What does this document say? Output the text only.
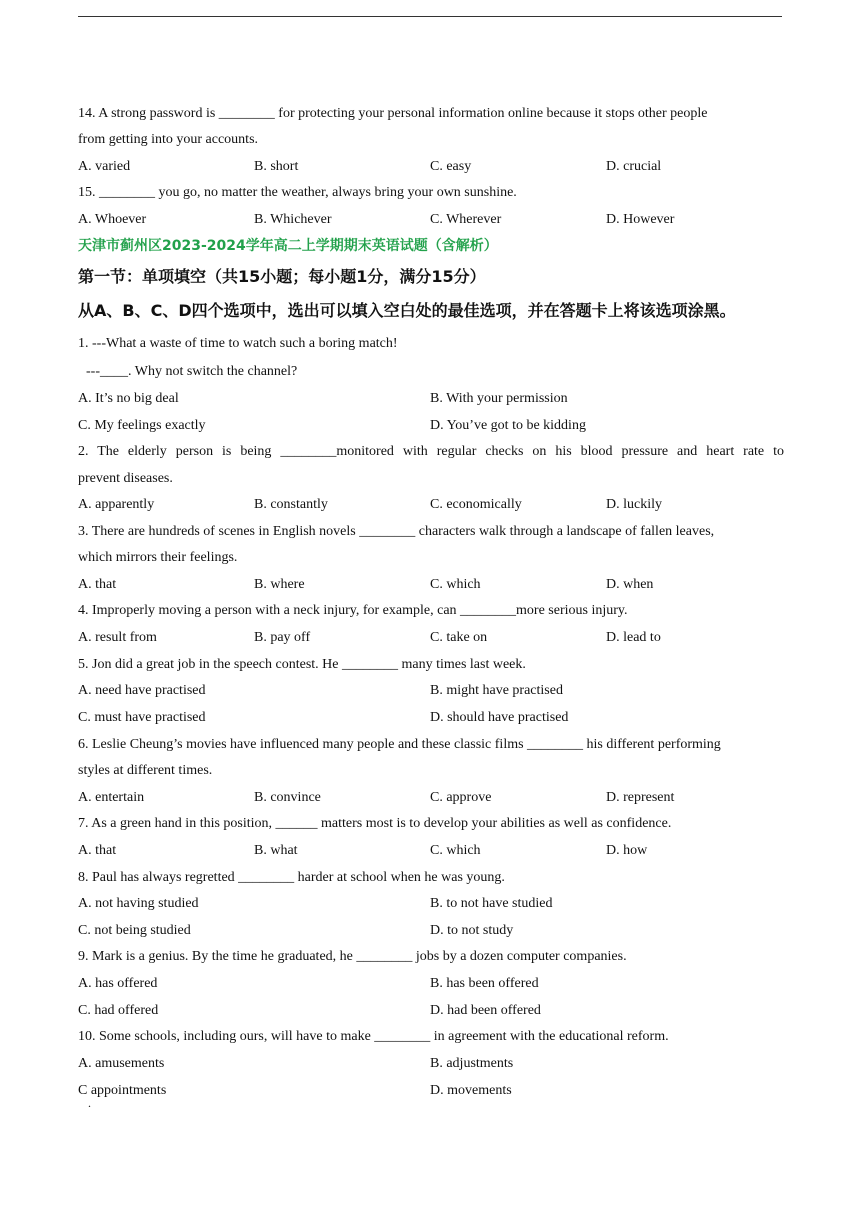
14. A strong password is ________ for protecting your personal information online because it stops other people
from getting into your accounts.
A. varied	B. short	C. easy	D. crucial
15. ________ you go, no matter the weather, always bring your own sunshine.
A. Whoever	B. Whichever	C. Wherever	D. However
天津市蓟州区2023-2024学年高二上学期期末英语试题（含解析）
第一节：单项填空（共15小题；每小题1分，满分15分）
从A、B、C、D四个选项中，选出可以填入空白处的最佳选项，并在答题卡上将该选项涂黑。
1. ---What a waste of time to watch such a boring match!
---____. Why not switch the channel?
A. It’s no big deal	B. With your permission
C. My feelings exactly	D. You’ve got to be kidding
2. The elderly person is being ________monitored with regular checks on his blood pressure and heart rate to
prevent diseases.
A. apparently	B. constantly	C. economically	D. luckily
3. There are hundreds of scenes in English novels ________ characters walk through a landscape of fallen leaves,
which mirrors their feelings.
A. that	B. where	C. which	D. when
4. Improperly moving a person with a neck injury, for example, can ________more serious injury.
A. result from	B. pay off	C. take on	D. lead to
5. Jon did a great job in the speech contest. He ________ many times last week.
A. need have practised	B. might have practised
C. must have practised	D. should have practised
6. Leslie Cheung’s movies have influenced many people and these classic films ________ his different performing
styles at different times.
A. entertain	B. convince	C. approve	D. represent
7. As a green hand in this position, ______ matters most is to develop your abilities as well as confidence.
A. that	B. what	C. which	D. how
8. Paul has always regretted ________ harder at school when he was young.
A. not having studied	B. to not have studied
C. not being studied	D. to not study
9. Mark is a genius. By the time he graduated, he ________ jobs by a dozen computer companies.
A. has offered	B. has been offered
C. had offered	D. had been offered
10. Some schools, including ours, will have to make ________ in agreement with the educational reform.
A. amusements	B. adjustments
C appointments	D. movements
.
